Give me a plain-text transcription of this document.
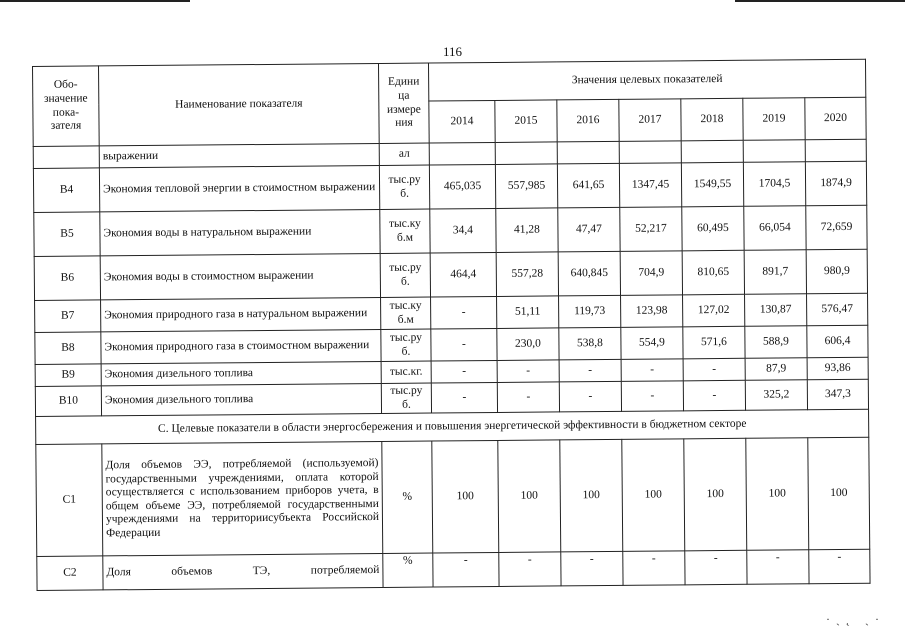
116
Обо-
значение
пока-
зателя	Наименование показателя	Едини
ца
измере
ния	Значения целевых показателей						
			2014	2015	2016	2017	2018	2019	2020
	выражении	ал							
В4	Экономия тепловой энергии в стоимостном выражении	тыс.ру б.	465,035	557,985	641,65	1347,45	1549,55	1704,5	1874,9
В5	Экономия воды в натуральном выражении	тыс.ку б.м	34,4	41,28	47,47	52,217	60,495	66,054	72,659
В6	Экономия воды в стоимостном выражении	тыс.ру б.	464,4	557,28	640,845	704,9	810,65	891,7	980,9
В7	Экономия природного газа в натуральном выражении	тыс.ку б.м	-	51,11	119,73	123,98	127,02	130,87	576,47
В8	Экономия природного газа в стоимостном выражении	тыс.ру б.	-	230,0	538,8	554,9	571,6	588,9	606,4
В9	Экономия дизельного топлива	тыс.кг.	-	-	-	-	-	87,9	93,86
В10	Экономия дизельного топлива	тыс.ру б.	-	-	-	-	-	325,2	347,3
С. Целевые показатели в области энергосбережения и повышения энергетической эффективности в бюджетном секторе									
С1	Доля объемов ЭЭ, потребляемой (используемой) государственными учреждениями, оплата которой осуществляется с использованием приборов учета, в общем объеме ЭЭ, потребляемой государственными учреждениями на территориисубъекта Российской Федерации	%	100	100	100	100	100	100	100
С2	Доля объемов ТЭ, потребляемой	%	-	-	-	-	-	-	-
·ˏ˛ ˏ·
